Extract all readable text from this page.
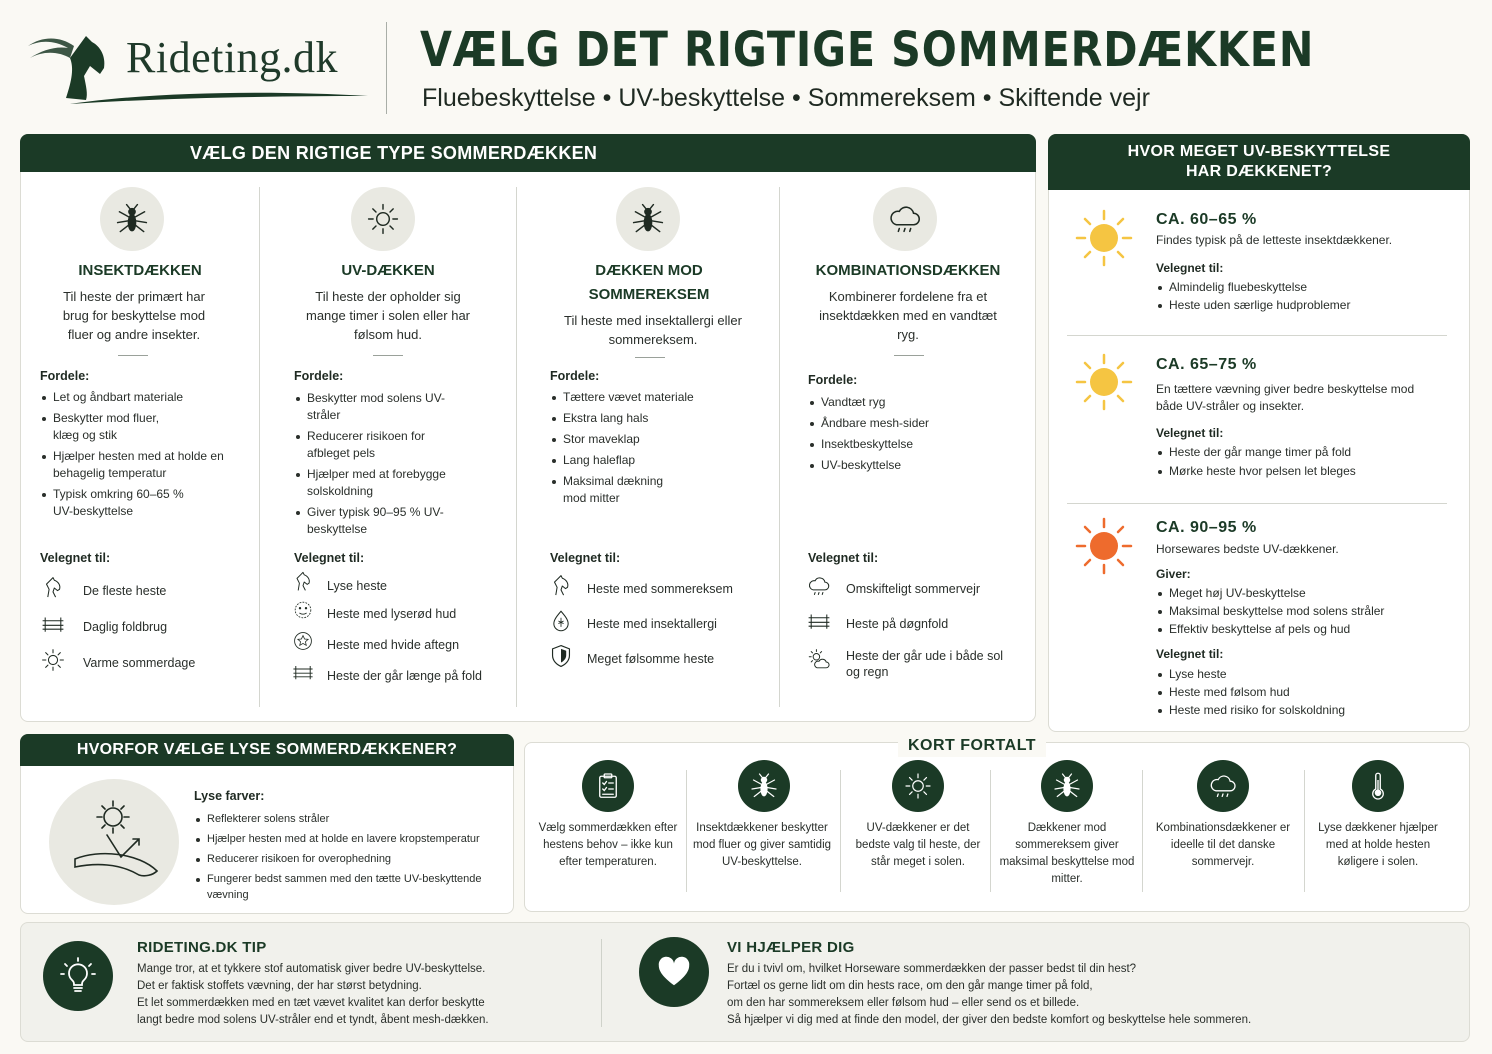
Rideting.dk VÆLG DET RIGTIGE SOMMERDÆKKEN
Fluebeskyttelse • UV-beskyttelse • Sommereksem • Skiftende vejr
VÆLG DEN RIGTIGE TYPE SOMMERDÆKKEN
INSEKTDÆKKEN
Til heste der primært har brug for beskyttelse mod fluer og andre insekter.
Fordele:
Let og åndbart materiale
Beskytter mod fluer, klæg og stik
Hjælper hesten med at holde en behagelig temperatur
Typisk omkring 60–65 % UV-beskyttelse
Velegnet til:
De fleste heste
Daglig foldbrug
Varme sommerdage
UV-DÆKKEN
Til heste der opholder sig mange timer i solen eller har følsom hud.
Fordele:
Beskytter mod solens UV-stråler
Reducerer risikoen for afbleget pels
Hjælper med at forebygge solskoldning
Giver typisk 90–95 % UV-beskyttelse
Velegnet til:
Lyse heste
Heste med lyserød hud
Heste med hvide aftegn
Heste der går længe på fold
DÆKKEN MOD SOMMEREKSEM
Til heste med insektallergi eller sommereksem.
Fordele:
Tættere vævet materiale
Ekstra lang hals
Stor maveklap
Lang haleflap
Maksimal dækning mod mitter
Velegnet til:
Heste med sommereksem
Heste med insektallergi
Meget følsomme heste
KOMBINATIONSDÆKKEN
Kombinerer fordelene fra et insektdækken med en vandtæt ryg.
Fordele:
Vandtæt ryg
Åndbare mesh-sider
Insektbeskyttelse
UV-beskyttelse
Velegnet til:
Omskifteligt sommervejr
Heste på døgnfold
Heste der går ude i både sol og regn
HVOR MEGET UV-BESKYTTELSE
HAR DÆKKENET?
CA. 60–65 %
Findes typisk på de letteste insektdækkener.
Velegnet til:
Almindelig fluebeskyttelse
Heste uden særlige hudproblemer
CA. 65–75 %
En tættere vævning giver bedre beskyttelse mod både UV-stråler og insekter.
Velegnet til:
Heste der går mange timer på fold
Mørke heste hvor pelsen let bleges
CA. 90–95 %
Horsewares bedste UV-dækkener.
Giver:
Meget høj UV-beskyttelse
Maksimal beskyttelse mod solens stråler
Effektiv beskyttelse af pels og hud
Velegnet til:
Lyse heste
Heste med følsom hud
Heste med risiko for solskoldning
HVORFOR VÆLGE LYSE SOMMERDÆKKENER?
Lyse farver:
Reflekterer solens stråler
Hjælper hesten med at holde en lavere kropstemperatur
Reducerer risikoen for overophedning
Fungerer bedst sammen med den tætte UV-beskyttende vævning
KORT FORTALT
Vælg sommerdækken efter hestens behov – ikke kun efter temperaturen.
Insektdækkener beskytter mod fluer og giver samtidig UV-beskyttelse.
UV-dækkener er det bedste valg til heste, der står meget i solen.
Dækkener mod sommereksem giver maksimal beskyttelse mod mitter.
Kombinationsdækkener er ideelle til det danske sommervejr.
Lyse dækkener hjælper med at holde hesten køligere i solen.
RIDETING.DK TIP
Mange tror, at et tykkere stof automatisk giver bedre UV-beskyttelse.
Det er faktisk stoffets vævning, der har størst betydning.
Et let sommerdækken med en tæt vævet kvalitet kan derfor beskytte
langt bedre mod solens UV-stråler end et tyndt, åbent mesh-dækken.
VI HJÆLPER DIG
Er du i tvivl om, hvilket Horseware sommerdækken der passer bedst til din hest?
Fortæl os gerne lidt om din hests race, om den går mange timer på fold,
om den har sommereksem eller følsom hud – eller send os et billede.
Så hjælper vi dig med at finde den model, der giver den bedste komfort og beskyttelse hele sommeren.
